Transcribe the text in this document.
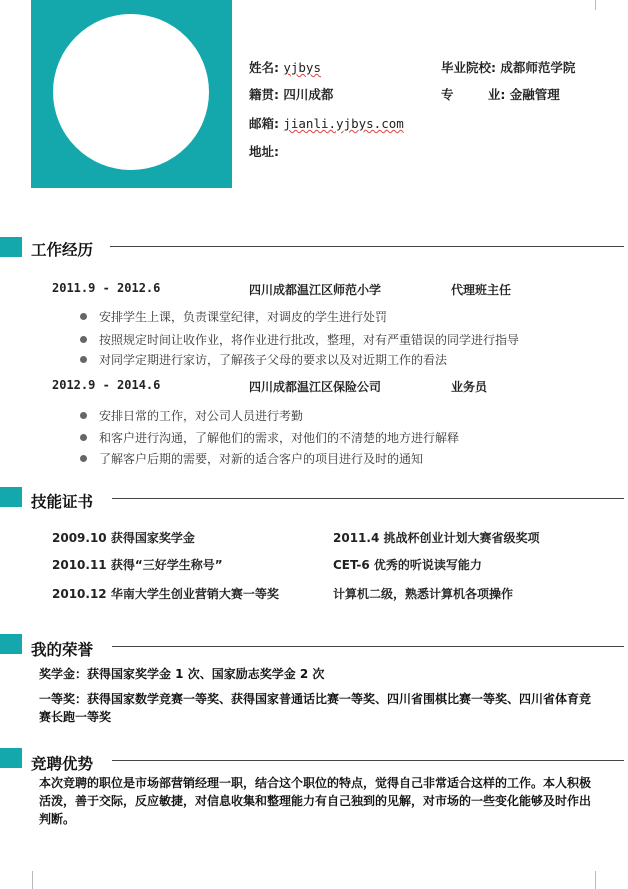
姓名: yjbys	毕业院校: 成都师范学院
籍贯: 四川成都	专 业: 金融管理
邮箱: jianli.yjbys.com
地址:
工作经历
2011.9 - 2012.6	四川成都温江区师范小学	代理班主任
安排学生上课，负责课堂纪律，对调皮的学生进行处罚
按照规定时间让收作业，将作业进行批改，整理，对有严重错误的同学进行指导
对同学定期进行家访，了解孩子父母的要求以及对近期工作的看法
2012.9 - 2014.6	四川成都温江区保险公司	业务员
安排日常的工作，对公司人员进行考勤
和客户进行沟通，了解他们的需求，对他们的不清楚的地方进行解释
了解客户后期的需要，对新的适合客户的项目进行及时的通知
技能证书
2009.10 获得国家奖学金	2011.4 挑战杯创业计划大赛省级奖项
2010.11 获得“三好学生称号”	CET-6 优秀的听说读写能力
2010.12 华南大学生创业营销大赛一等奖	计算机二级，熟悉计算机各项操作
我的荣誉
奖学金：获得国家奖学金 1 次、国家励志奖学金 2 次
一等奖：获得国家数学竞赛一等奖、获得国家普通话比赛一等奖、四川省围棋比赛一等奖、四川省体育竞赛长跑一等奖
竞聘优势
本次竞聘的职位是市场部营销经理一职，结合这个职位的特点，觉得自己非常适合这样的工作。本人积极活泼，善于交际，反应敏捷，对信息收集和整理能力有自己独到的见解，对市场的一些变化能够及时作出判断。
